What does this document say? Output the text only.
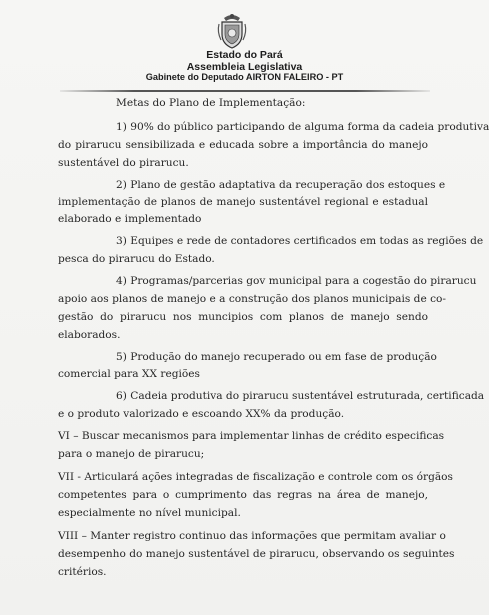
Estado do Pará
Assembleia Legislativa
Gabinete do Deputado AIRTON FALEIRO - PT
Metas do Plano de Implementação:
1) 90% do público participando de alguma forma da cadeia produtiva
do pirarucu sensibilizada e educada sobre a importância do manejo
sustentável do pirarucu.
2) Plano de gestão adaptativa da recuperação dos estoques e
implementação de planos de manejo sustentável regional e estadual
elaborado e implementado
3) Equipes e rede de contadores certificados em todas as regiões de
pesca do pirarucu do Estado.
4) Programas/parcerias gov municipal para a cogestão do pirarucu
apoio aos planos de manejo e a construção dos planos municipais de co-
gestão do pirarucu nos muncipios com planos de manejo sendo
elaborados.
5) Produção do manejo recuperado ou em fase de produção
comercial para XX regiões
6) Cadeia produtiva do pirarucu sustentável estruturada, certificada
e o produto valorizado e escoando XX% da produção.
VI – Buscar mecanismos para implementar linhas de crédito especificas
para o manejo de pirarucu;
VII - Articulará ações integradas de fiscalização e controle com os órgãos
competentes para o cumprimento das regras na área de manejo,
especialmente no nível municipal.
VIII – Manter registro continuo das informações que permitam avaliar o
desempenho do manejo sustentável de pirarucu, observando os seguintes
critérios.
